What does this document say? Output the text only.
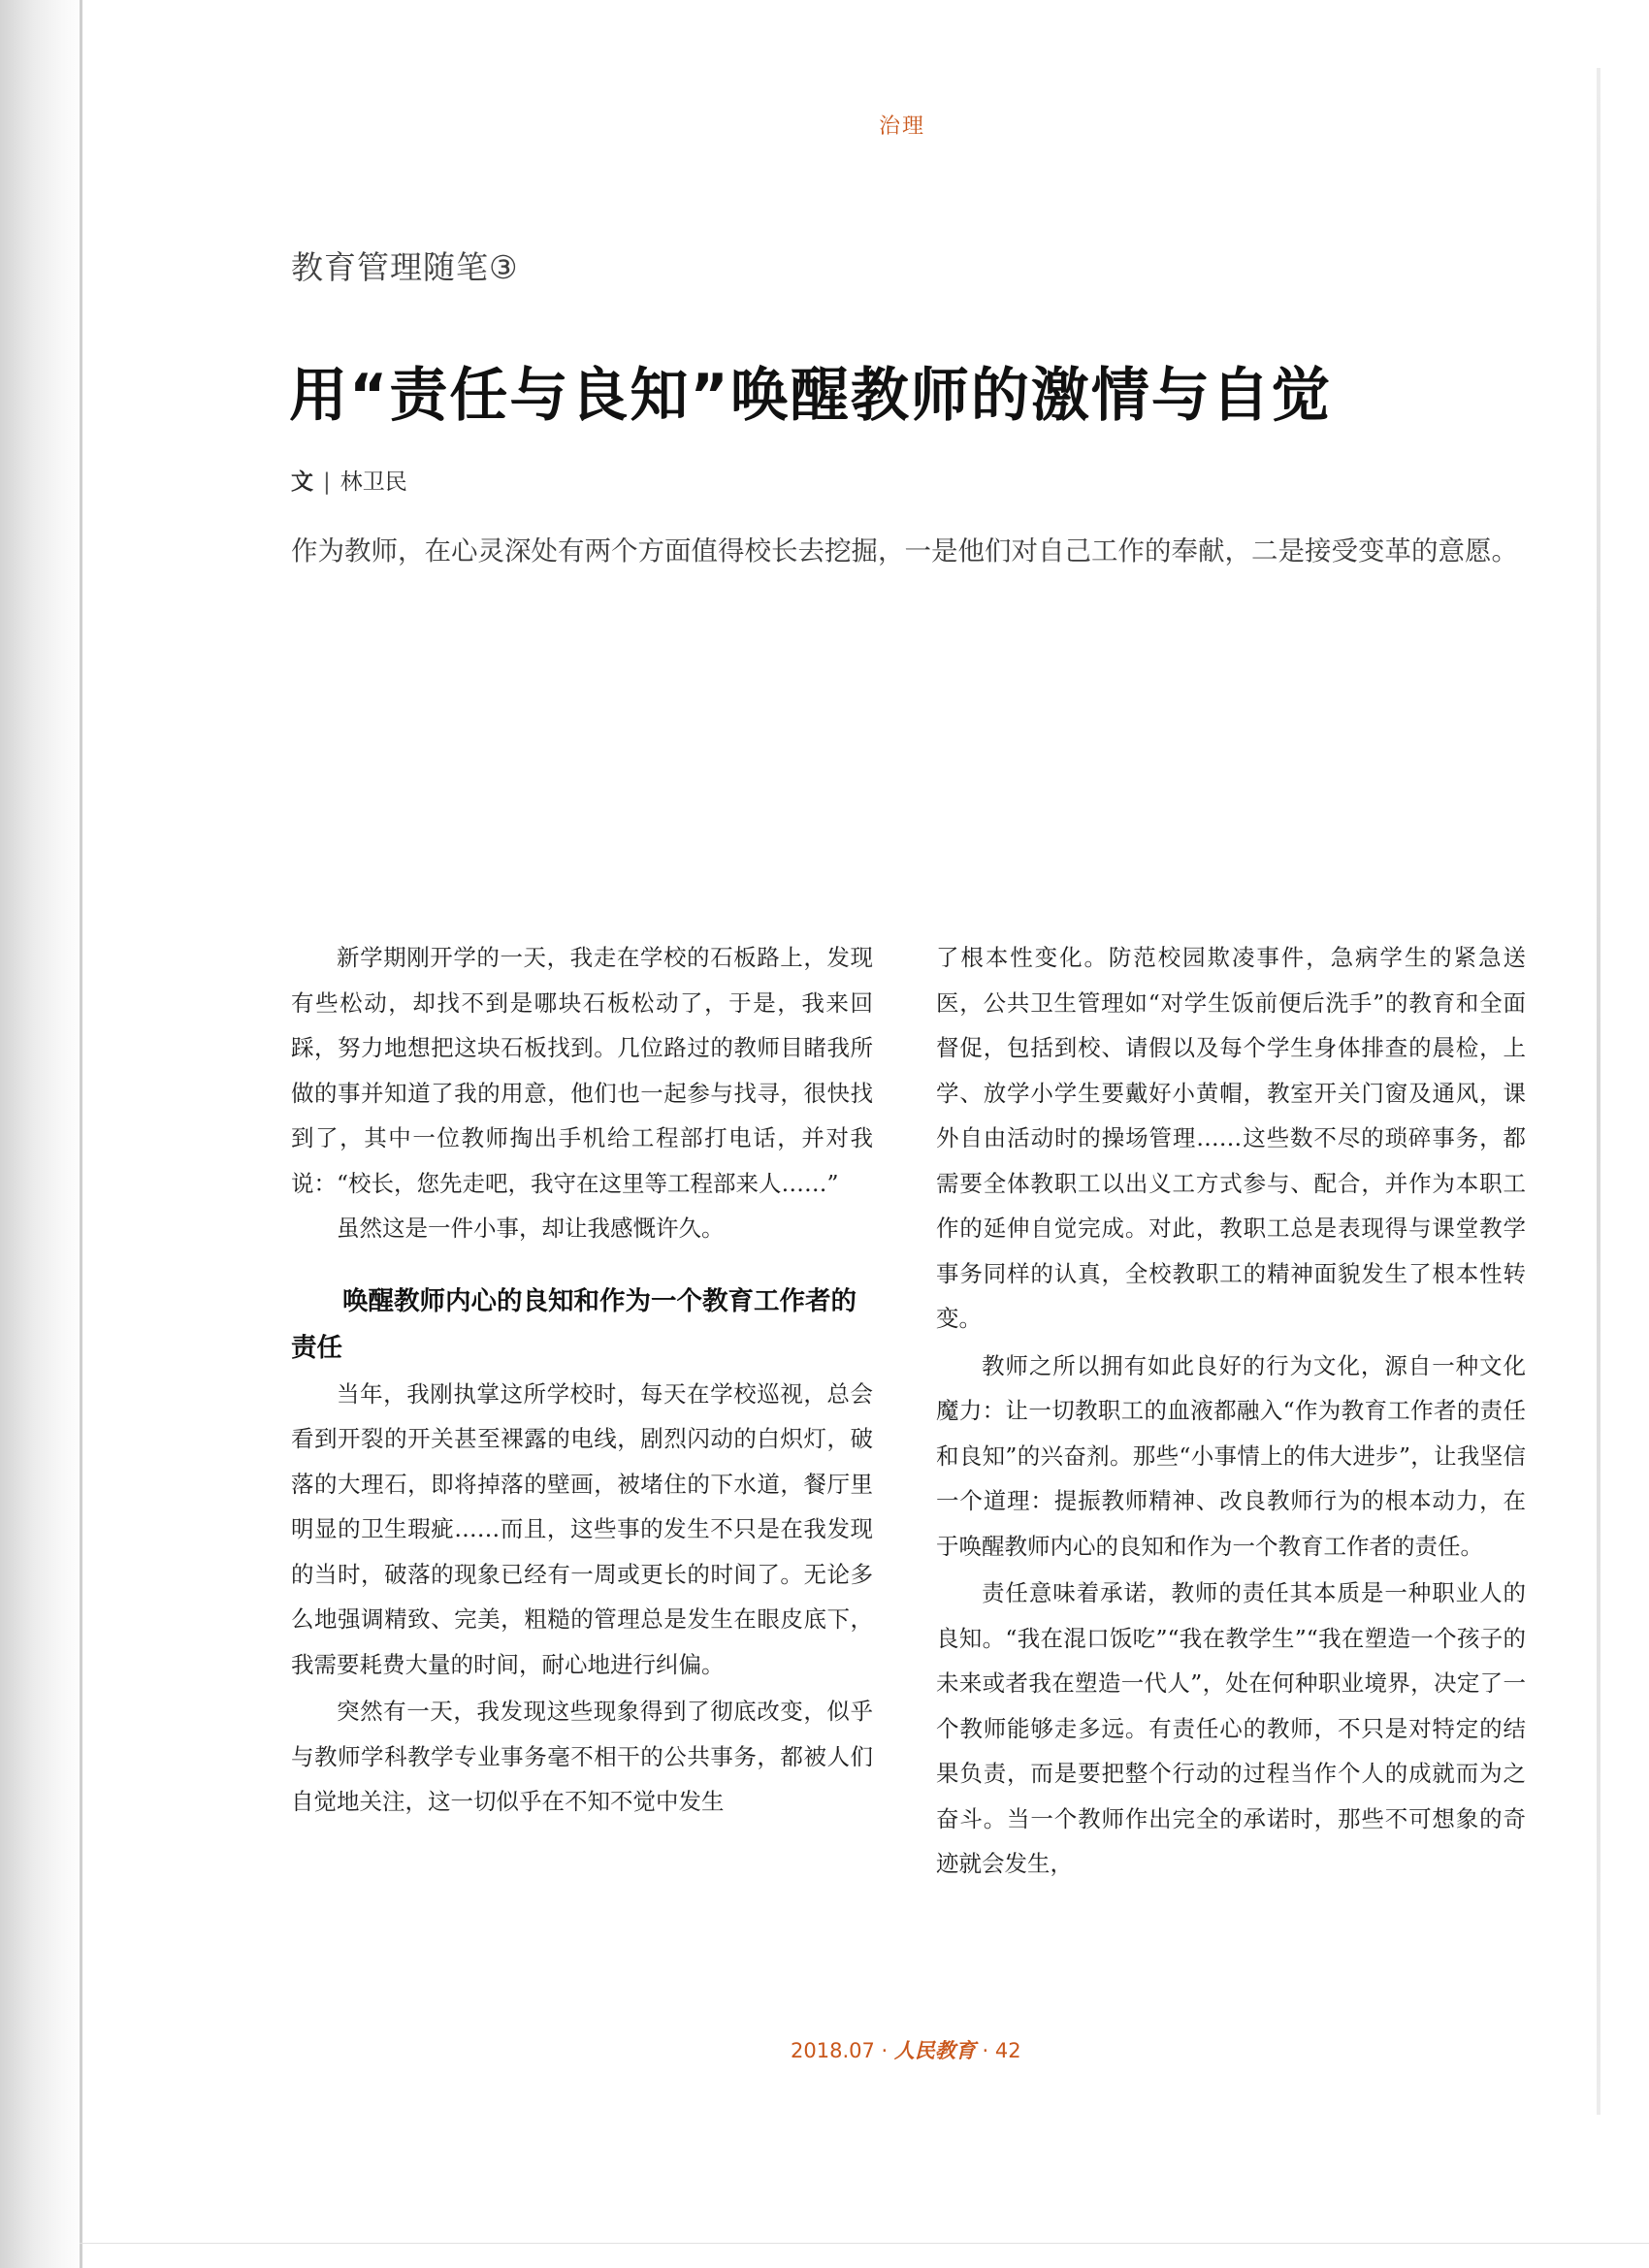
治理
教育管理随笔③
用“责任与良知”唤醒教师的激情与自觉
文 | 林卫民
作为教师，在心灵深处有两个方面值得校长去挖掘，一是他们对自己工作的奉献，二是接受变革的意愿。

新学期刚开学的一天，我走在学校的石板路上，发现有些松动，却找不到是哪块石板松动了，于是，我来回踩，努力地想把这块石板找到。几位路过的教师目睹我所做的事并知道了我的用意，他们也一起参与找寻，很快找到了，其中一位教师掏出手机给工程部打电话，并对我说：“校长，您先走吧，我守在这里等工程部来人……”

虽然这是一件小事，却让我感慨许久。

唤醒教师内心的良知和作为一个教育工作者的责任

当年，我刚执掌这所学校时，每天在学校巡视，总会看到开裂的开关甚至裸露的电线，剧烈闪动的白炽灯，破落的大理石，即将掉落的壁画，被堵住的下水道，餐厅里明显的卫生瑕疵……而且，这些事的发生不只是在我发现的当时，破落的现象已经有一周或更长的时间了。无论多么地强调精致、完美，粗糙的管理总是发生在眼皮底下，我需要耗费大量的时间，耐心地进行纠偏。

突然有一天，我发现这些现象得到了彻底改变，似乎与教师学科教学专业事务毫不相干的公共事务，都被人们自觉地关注，这一切似乎在不知不觉中发生

了根本性变化。防范校园欺凌事件，急病学生的紧急送医，公共卫生管理如“对学生饭前便后洗手”的教育和全面督促，包括到校、请假以及每个学生身体排查的晨检，上学、放学小学生要戴好小黄帽，教室开关门窗及通风，课外自由活动时的操场管理……这些数不尽的琐碎事务，都需要全体教职工以出义工方式参与、配合，并作为本职工作的延伸自觉完成。对此，教职工总是表现得与课堂教学事务同样的认真，全校教职工的精神面貌发生了根本性转变。

教师之所以拥有如此良好的行为文化，源自一种文化魔力：让一切教职工的血液都融入“作为教育工作者的责任和良知”的兴奋剂。那些“小事情上的伟大进步”，让我坚信一个道理：提振教师精神、改良教师行为的根本动力，在于唤醒教师内心的良知和作为一个教育工作者的责任。

责任意味着承诺，教师的责任其本质是一种职业人的良知。“我在混口饭吃”“我在教学生”“我在塑造一个孩子的未来或者我在塑造一代人”，处在何种职业境界，决定了一个教师能够走多远。有责任心的教师，不只是对特定的结果负责，而是要把整个行动的过程当作个人的成就而为之奋斗。当一个教师作出完全的承诺时，那些不可想象的奇迹就会发生，

2018.07 · 人民教育 · 42
